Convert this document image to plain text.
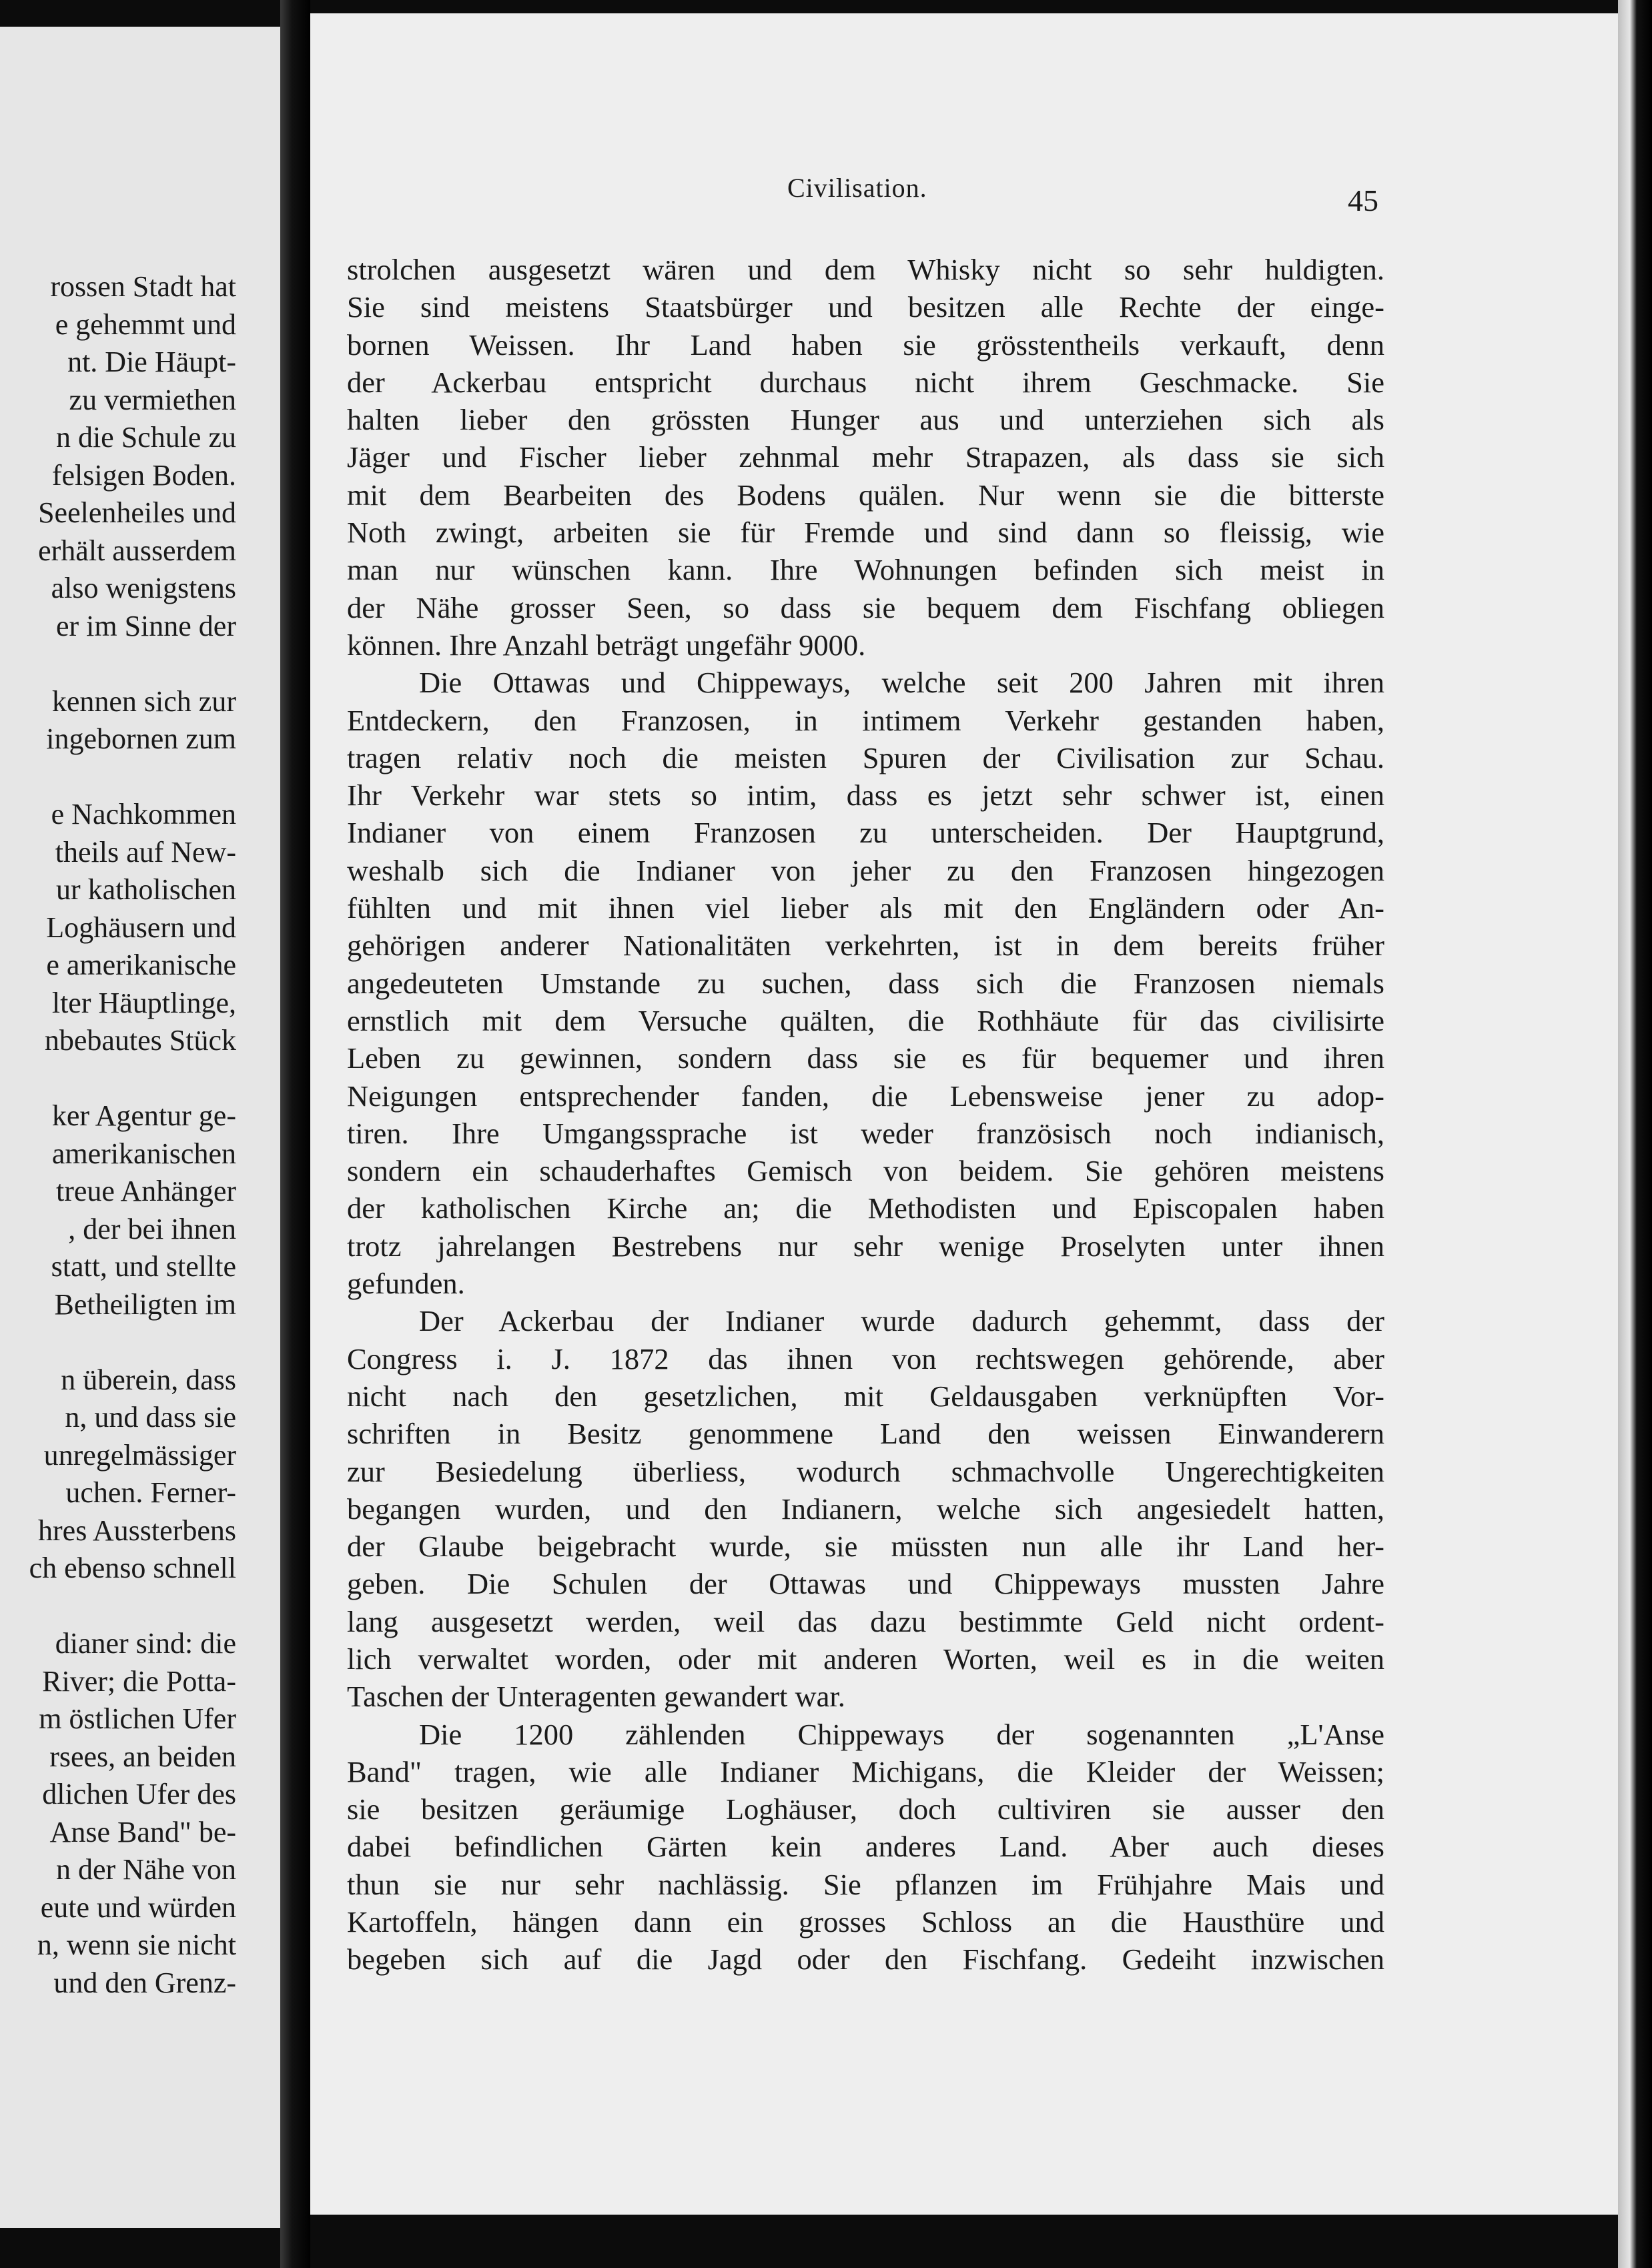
rossen Stadt hat
e gehemmt und
nt. Die Häupt-
zu vermiethen
n die Schule zu
felsigen Boden.
Seelenheiles und
erhält ausserdem
also wenigstens
er im Sinne der
kennen sich zur
ingebornen zum
e Nachkommen
theils auf New-
ur katholischen
Loghäusern und
e amerikanische
lter Häuptlinge,
nbebautes Stück
ker Agentur ge-
amerikanischen
treue Anhänger
, der bei ihnen
statt, und stellte
Betheiligten im
n überein, dass
n, und dass sie
unregelmässiger
uchen. Ferner-
hres Aussterbens
ch ebenso schnell
dianer sind: die
River; die Potta-
m östlichen Ufer
rsees, an beiden
dlichen Ufer des
Anse Band" be-
n der Nähe von
eute und würden
n, wenn sie nicht
und den Grenz-
Civilisation.	45
strolchen ausgesetzt wären und dem Whisky nicht so sehr huldigten.
Sie sind meistens Staatsbürger und besitzen alle Rechte der einge-
bornen Weissen. Ihr Land haben sie grösstentheils verkauft, denn
der Ackerbau entspricht durchaus nicht ihrem Geschmacke. Sie
halten lieber den grössten Hunger aus und unterziehen sich als
Jäger und Fischer lieber zehnmal mehr Strapazen, als dass sie sich
mit dem Bearbeiten des Bodens quälen. Nur wenn sie die bitterste
Noth zwingt, arbeiten sie für Fremde und sind dann so fleissig, wie
man nur wünschen kann. Ihre Wohnungen befinden sich meist in
der Nähe grosser Seen, so dass sie bequem dem Fischfang obliegen
können. Ihre Anzahl beträgt ungefähr 9000.
Die Ottawas und Chippeways, welche seit 200 Jahren mit ihren
Entdeckern, den Franzosen, in intimem Verkehr gestanden haben,
tragen relativ noch die meisten Spuren der Civilisation zur Schau.
Ihr Verkehr war stets so intim, dass es jetzt sehr schwer ist, einen
Indianer von einem Franzosen zu unterscheiden. Der Hauptgrund,
weshalb sich die Indianer von jeher zu den Franzosen hingezogen
fühlten und mit ihnen viel lieber als mit den Engländern oder An-
gehörigen anderer Nationalitäten verkehrten, ist in dem bereits früher
angedeuteten Umstande zu suchen, dass sich die Franzosen niemals
ernstlich mit dem Versuche quälten, die Rothhäute für das civilisirte
Leben zu gewinnen, sondern dass sie es für bequemer und ihren
Neigungen entsprechender fanden, die Lebensweise jener zu adop-
tiren. Ihre Umgangssprache ist weder französisch noch indianisch,
sondern ein schauderhaftes Gemisch von beidem. Sie gehören meistens
der katholischen Kirche an; die Methodisten und Episcopalen haben
trotz jahrelangen Bestrebens nur sehr wenige Proselyten unter ihnen
gefunden.
Der Ackerbau der Indianer wurde dadurch gehemmt, dass der
Congress i. J. 1872 das ihnen von rechtswegen gehörende, aber
nicht nach den gesetzlichen, mit Geldausgaben verknüpften Vor-
schriften in Besitz genommene Land den weissen Einwanderern
zur Besiedelung überliess, wodurch schmachvolle Ungerechtigkeiten
begangen wurden, und den Indianern, welche sich angesiedelt hatten,
der Glaube beigebracht wurde, sie müssten nun alle ihr Land her-
geben. Die Schulen der Ottawas und Chippeways mussten Jahre
lang ausgesetzt werden, weil das dazu bestimmte Geld nicht ordent-
lich verwaltet worden, oder mit anderen Worten, weil es in die weiten
Taschen der Unteragenten gewandert war.
Die 1200 zählenden Chippeways der sogenannten „L'Anse
Band" tragen, wie alle Indianer Michigans, die Kleider der Weissen;
sie besitzen geräumige Loghäuser, doch cultiviren sie ausser den
dabei befindlichen Gärten kein anderes Land. Aber auch dieses
thun sie nur sehr nachlässig. Sie pflanzen im Frühjahre Mais und
Kartoffeln, hängen dann ein grosses Schloss an die Hausthüre und
begeben sich auf die Jagd oder den Fischfang. Gedeiht inzwischen
